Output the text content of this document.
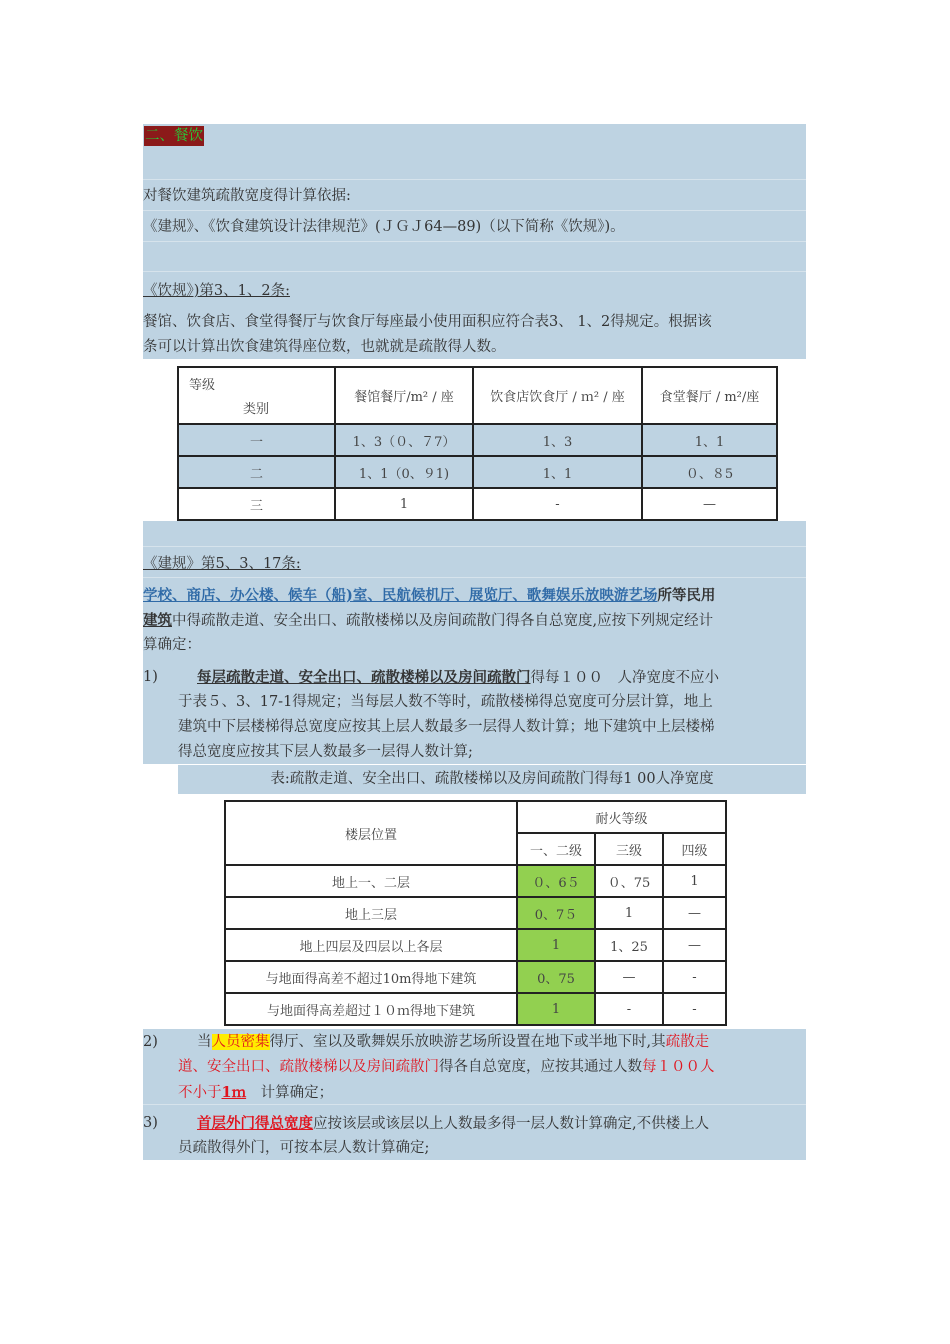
二、餐饮
对餐饮建筑疏散宽度得计算依据:
《建规》、《饮食建筑设计法律规范》(ＪＧＪ64—89)（以下简称《饮规》)。
《饮规》)第3、1、2条:
餐馆、饮食店、食堂得餐厅与饮食厅每座最小使用面积应符合表3、 1、2得规定。根据该
条可以计算出饮食建筑得座位数，也就就是疏散得人数。
等级
类别	餐馆餐厅/m² / 座	饮食店饮食厅 / ｍ² / 座	食堂餐厅 / m²/座
一	1、3（０、７7）	1、3	1、1
二	1、1（0、９1)	1、1	０、８5
三	1	-	—
《建规》第5、3、17条:
学校、商店、办公楼、候车（船)室、民航候机厅、展览厅、歌舞娱乐放映游艺场所等民用
建筑中得疏散走道、安全出口、疏散楼梯以及房间疏散门得各自总宽度,应按下列规定经计
算确定：
1)	每层疏散走道、安全出口、疏散楼梯以及房间疏散门得每１００　人净宽度不应小
于表５、3、17-1得规定；当每层人数不等时，疏散楼梯得总宽度可分层计算，地上
建筑中下层楼梯得总宽度应按其上层人数最多一层得人数计算；地下建筑中上层楼梯
得总宽度应按其下层人数最多一层得人数计算;
表:疏散走道、安全出口、疏散楼梯以及房间疏散门得每1 00人净宽度
楼层位置	耐火等级		
	一、二级	三级	四级
地上一、二层	０、6５	０、75	1
地上三层	0、7５	1	—
地上四层及四层以上各层	1	1、25	—
与地面得高差不超过10m得地下建筑	0、75	—	-
与地面得高差超过１０ｍ得地下建筑	1	-	-
2)	当人员密集得厅、室以及歌舞娱乐放映游艺场所设置在地下或半地下时,其疏散走
道、安全出口、疏散楼梯以及房间疏散门得各自总宽度，应按其通过人数每１００人
不小于1ｍ　计算确定；
3)	首层外门得总宽度应按该层或该层以上人数最多得一层人数计算确定,不供楼上人
员疏散得外门，可按本层人数计算确定;
